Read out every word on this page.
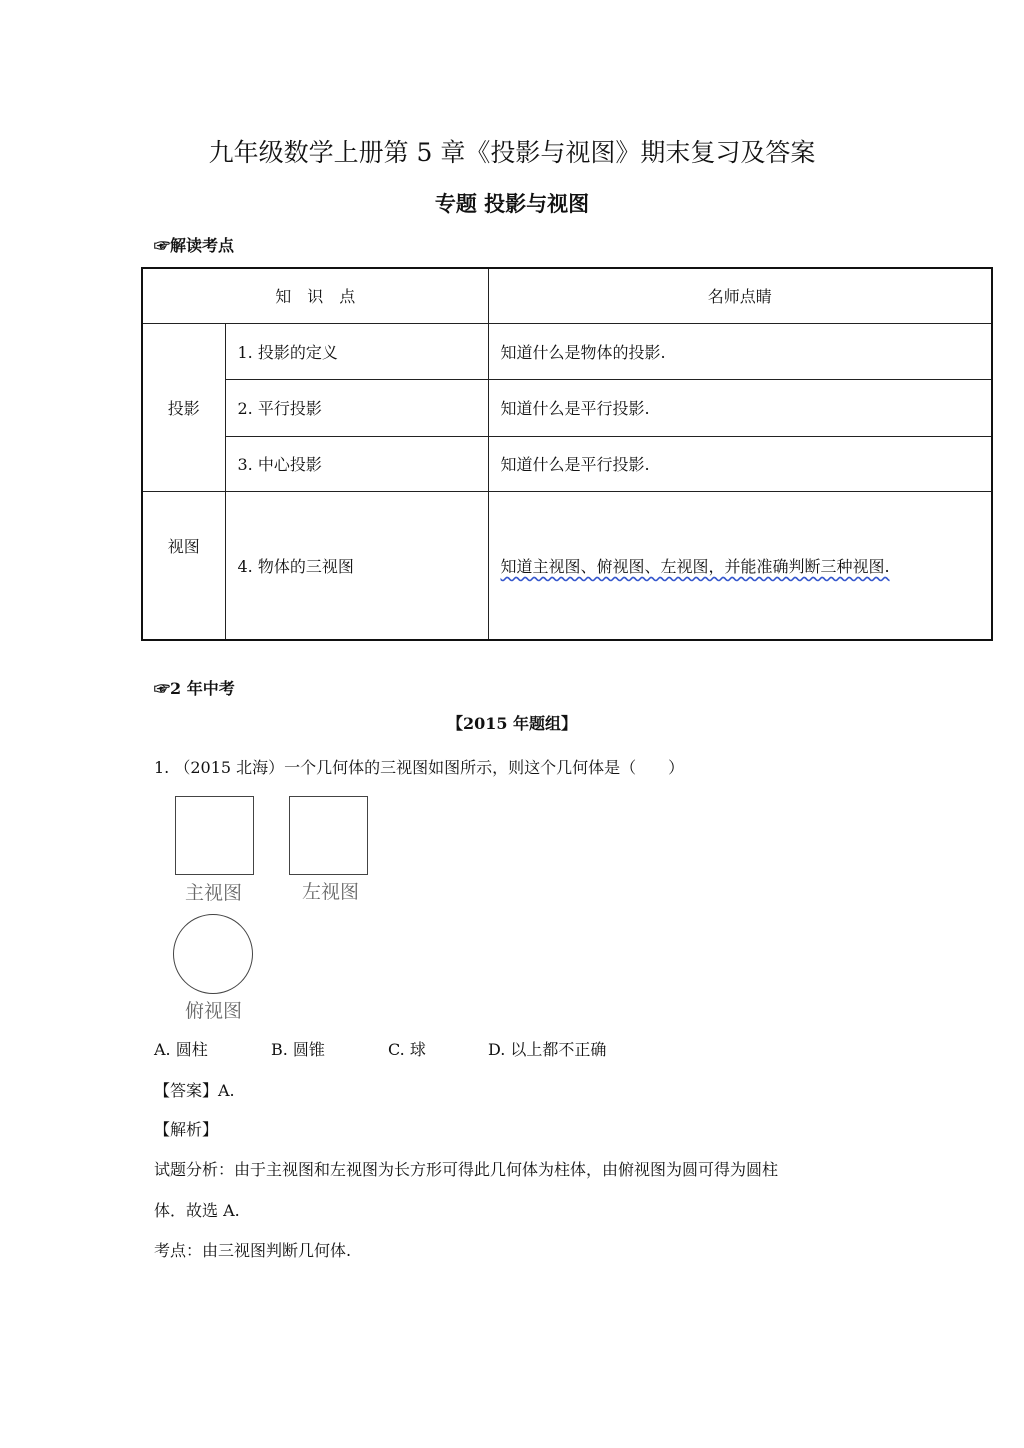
九年级数学上册第 5 章《投影与视图》期末复习及答案
专题 投影与视图
☞解读考点
知　识　点		名师点睛
投影	1. 投影的定义	知道什么是物体的投影.
	2. 平行投影	知道什么是平行投影.
	3. 中心投影	知道什么是平行投影.
视图	4. 物体的三视图	知道主视图、俯视图、左视图，并能准确判断三种视图.
☞2 年中考
【2015 年题组】
1. （2015 北海）一个几何体的三视图如图所示，则这个几何体是（　　）
主视图	左视图
俯视图
A. 圆柱	B. 圆锥	C. 球	D. 以上都不正确
【答案】A.
【解析】
试题分析：由于主视图和左视图为长方形可得此几何体为柱体，由俯视图为圆可得为圆柱
体．故选 A.
考点：由三视图判断几何体.
